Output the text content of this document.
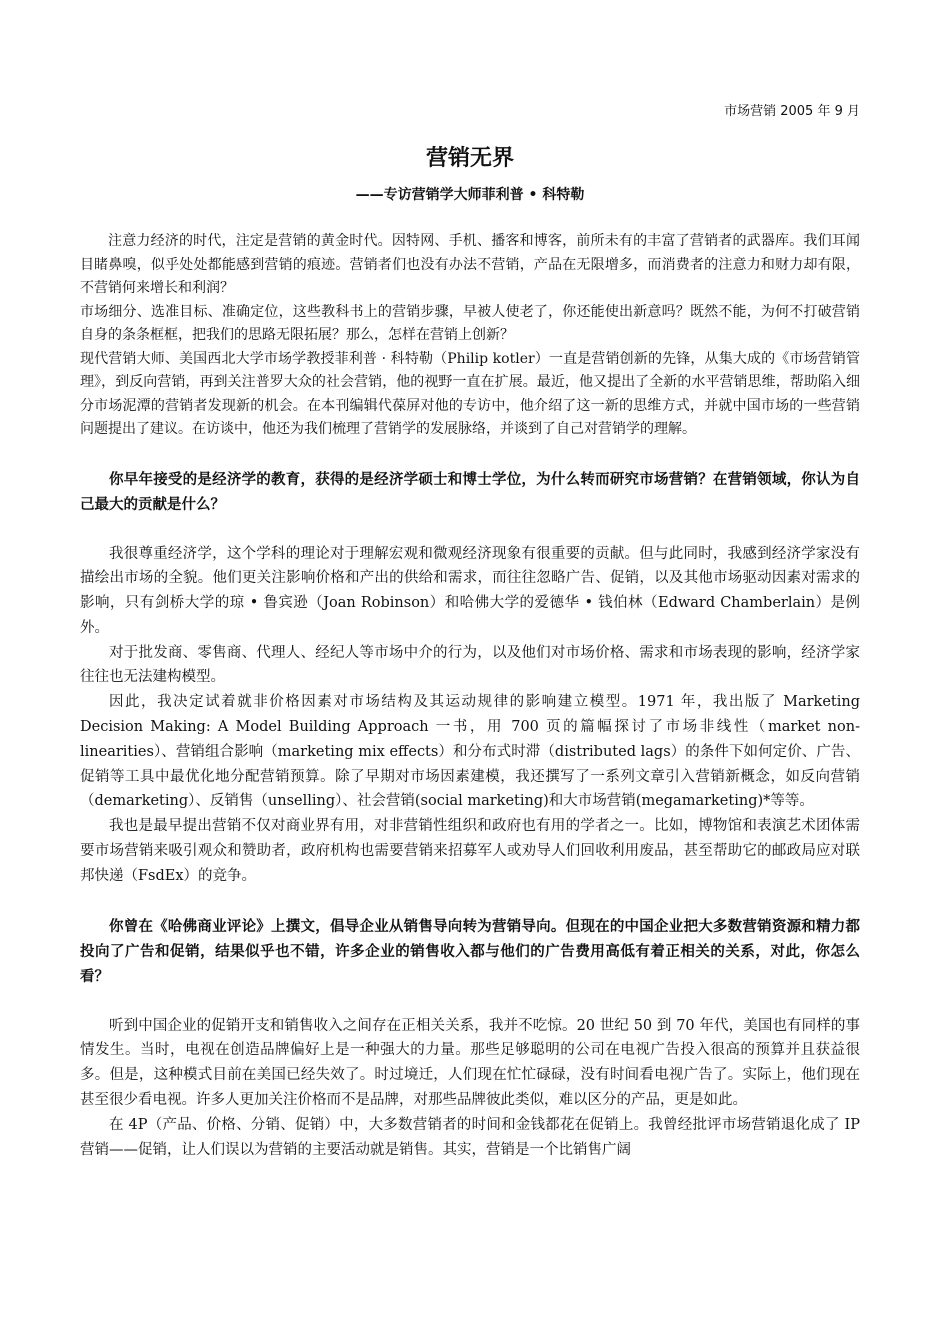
市场营销 2005 年 9 月
营销无界
——专访营销学大师菲利普 • 科特勒

注意力经济的时代，注定是营销的黄金时代。因特网、手机、播客和博客，前所未有的丰富了营销者的武器库。我们耳闻目睹鼻嗅，似乎处处都能感到营销的痕迹。营销者们也没有办法不营销，产品在无限增多，而消费者的注意力和财力却有限，不营销何来增长和利润？

市场细分、选准目标、准确定位，这些教科书上的营销步骤，早被人使老了，你还能使出新意吗？既然不能，为何不打破营销自身的条条框框，把我们的思路无限拓展？那么，怎样在营销上创新？

现代营销大师、美国西北大学市场学教授菲利普 · 科特勒（Philip kotler）一直是营销创新的先锋，从集大成的《市场营销管理》，到反向营销，再到关注普罗大众的社会营销，他的视野一直在扩展。最近，他又提出了全新的水平营销思维，帮助陷入细分市场泥潭的营销者发现新的机会。在本刊编辑代葆屏对他的专访中，他介绍了这一新的思维方式，并就中国市场的一些营销问题提出了建议。在访谈中，他还为我们梳理了营销学的发展脉络，并谈到了自己对营销学的理解。

你早年接受的是经济学的教育，获得的是经济学硕士和博士学位，为什么转而研究市场营销？在营销领域，你认为自己最大的贡献是什么？

我很尊重经济学，这个学科的理论对于理解宏观和微观经济现象有很重要的贡献。但与此同时，我感到经济学家没有描绘出市场的全貌。他们更关注影响价格和产出的供给和需求，而往往忽略广告、促销，以及其他市场驱动因素对需求的影响，只有剑桥大学的琼 • 鲁宾逊（Joan Robinson）和哈佛大学的爱德华 • 钱伯林（Edward Chamberlain）是例外。

对于批发商、零售商、代理人、经纪人等市场中介的行为，以及他们对市场价格、需求和市场表现的影响，经济学家往往也无法建构模型。

因此，我决定试着就非价格因素对市场结构及其运动规律的影响建立模型。1971 年，我出版了 Marketing Decision Making: A Model Building Approach 一书，用 700 页的篇幅探讨了市场非线性（market non-linearities）、营销组合影响（marketing mix effects）和分布式时滞（distributed lags）的条件下如何定价、广告、促销等工具中最优化地分配营销预算。除了早期对市场因素建模，我还撰写了一系列文章引入营销新概念，如反向营销（demarketing）、反销售（unselling）、社会营销(social marketing)和大市场营销(megamarketing)*等等。

我也是最早提出营销不仅对商业界有用，对非营销性组织和政府也有用的学者之一。比如，博物馆和表演艺术团体需要市场营销来吸引观众和赞助者，政府机构也需要营销来招募军人或劝导人们回收利用废品，甚至帮助它的邮政局应对联邦快递（FsdEx）的竞争。

你曾在《哈佛商业评论》上撰文，倡导企业从销售导向转为营销导向。但现在的中国企业把大多数营销资源和精力都投向了广告和促销，结果似乎也不错，许多企业的销售收入都与他们的广告费用高低有着正相关的关系，对此，你怎么看？

听到中国企业的促销开支和销售收入之间存在正相关关系，我并不吃惊。20 世纪 50 到 70 年代，美国也有同样的事情发生。当时，电视在创造品牌偏好上是一种强大的力量。那些足够聪明的公司在电视广告投入很高的预算并且获益很多。但是，这种模式目前在美国已经失效了。时过境迁，人们现在忙忙碌碌，没有时间看电视广告了。实际上，他们现在甚至很少看电视。许多人更加关注价格而不是品牌，对那些品牌彼此类似，难以区分的产品，更是如此。

在 4P（产品、价格、分销、促销）中，大多数营销者的时间和金钱都花在促销上。我曾经批评市场营销退化成了 IP 营销——促销，让人们误以为营销的主要活动就是销售。其实，营销是一个比销售广阔
